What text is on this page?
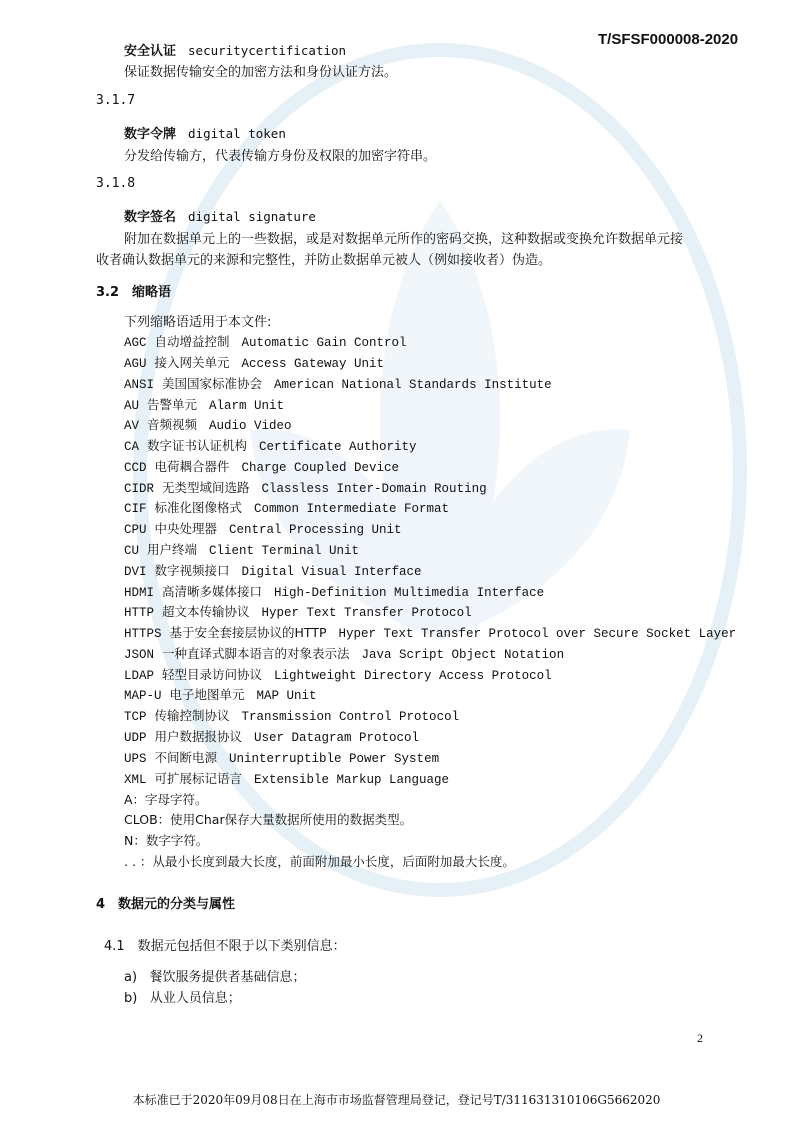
T/SFSF000008-2020
安全认证 securitycertification
保证数据传输安全的加密方法和身份认证方法。
3.1.7
数字令牌 digital token
分发给传输方，代表传输方身份及权限的加密字符串。
3.1.8
数字签名 digital signature
附加在数据单元上的一些数据，或是对数据单元所作的密码交换，这种数据或变换允许数据单元接
收者确认数据单元的来源和完整性，并防止数据单元被人（例如接收者）伪造。
3.2　缩略语
下列缩略语适用于本文件:
AGC 自动增益控制 Automatic Gain Control
AGU 接入网关单元 Access Gateway Unit
ANSI 美国国家标准协会 American National Standards Institute
AU 告警单元 Alarm Unit
AV 音频视频 Audio Video
CA 数字证书认证机构 Certificate Authority
CCD 电荷耦合器件 Charge Coupled Device
CIDR 无类型域间选路 Classless Inter-Domain Routing
CIF 标准化图像格式 Common Intermediate Format
CPU 中央处理器 Central Processing Unit
CU 用户终端 Client Terminal Unit
DVI 数字视频接口 Digital Visual Interface
HDMI 高清晰多媒体接口 High-Definition Multimedia Interface
HTTP 超文本传输协议 Hyper Text Transfer Protocol
HTTPS 基于安全套接层协议的HTTP Hyper Text Transfer Protocol over Secure Socket Layer
JSON 一种直译式脚本语言的对象表示法 Java Script Object Notation
LDAP 轻型目录访问协议 Lightweight Directory Access Protocol
MAP-U 电子地图单元 MAP Unit
TCP 传输控制协议 Transmission Control Protocol
UDP 用户数据报协议 User Datagram Protocol
UPS 不间断电源 Uninterruptible Power System
XML 可扩展标记语言 Extensible Markup Language
A：字母字符。
CLOB：使用Char保存大量数据所使用的数据类型。
N：数字字符。
. . ：从最小长度到最大长度，前面附加最小长度，后面附加最大长度。
4　数据元的分类与属性
4.1　数据元包括但不限于以下类别信息：
a) 餐饮服务提供者基础信息；
b) 从业人员信息；
2
本标准已于2020年09月08日在上海市市场监督管理局登记，登记号T/311631310106G5662020
